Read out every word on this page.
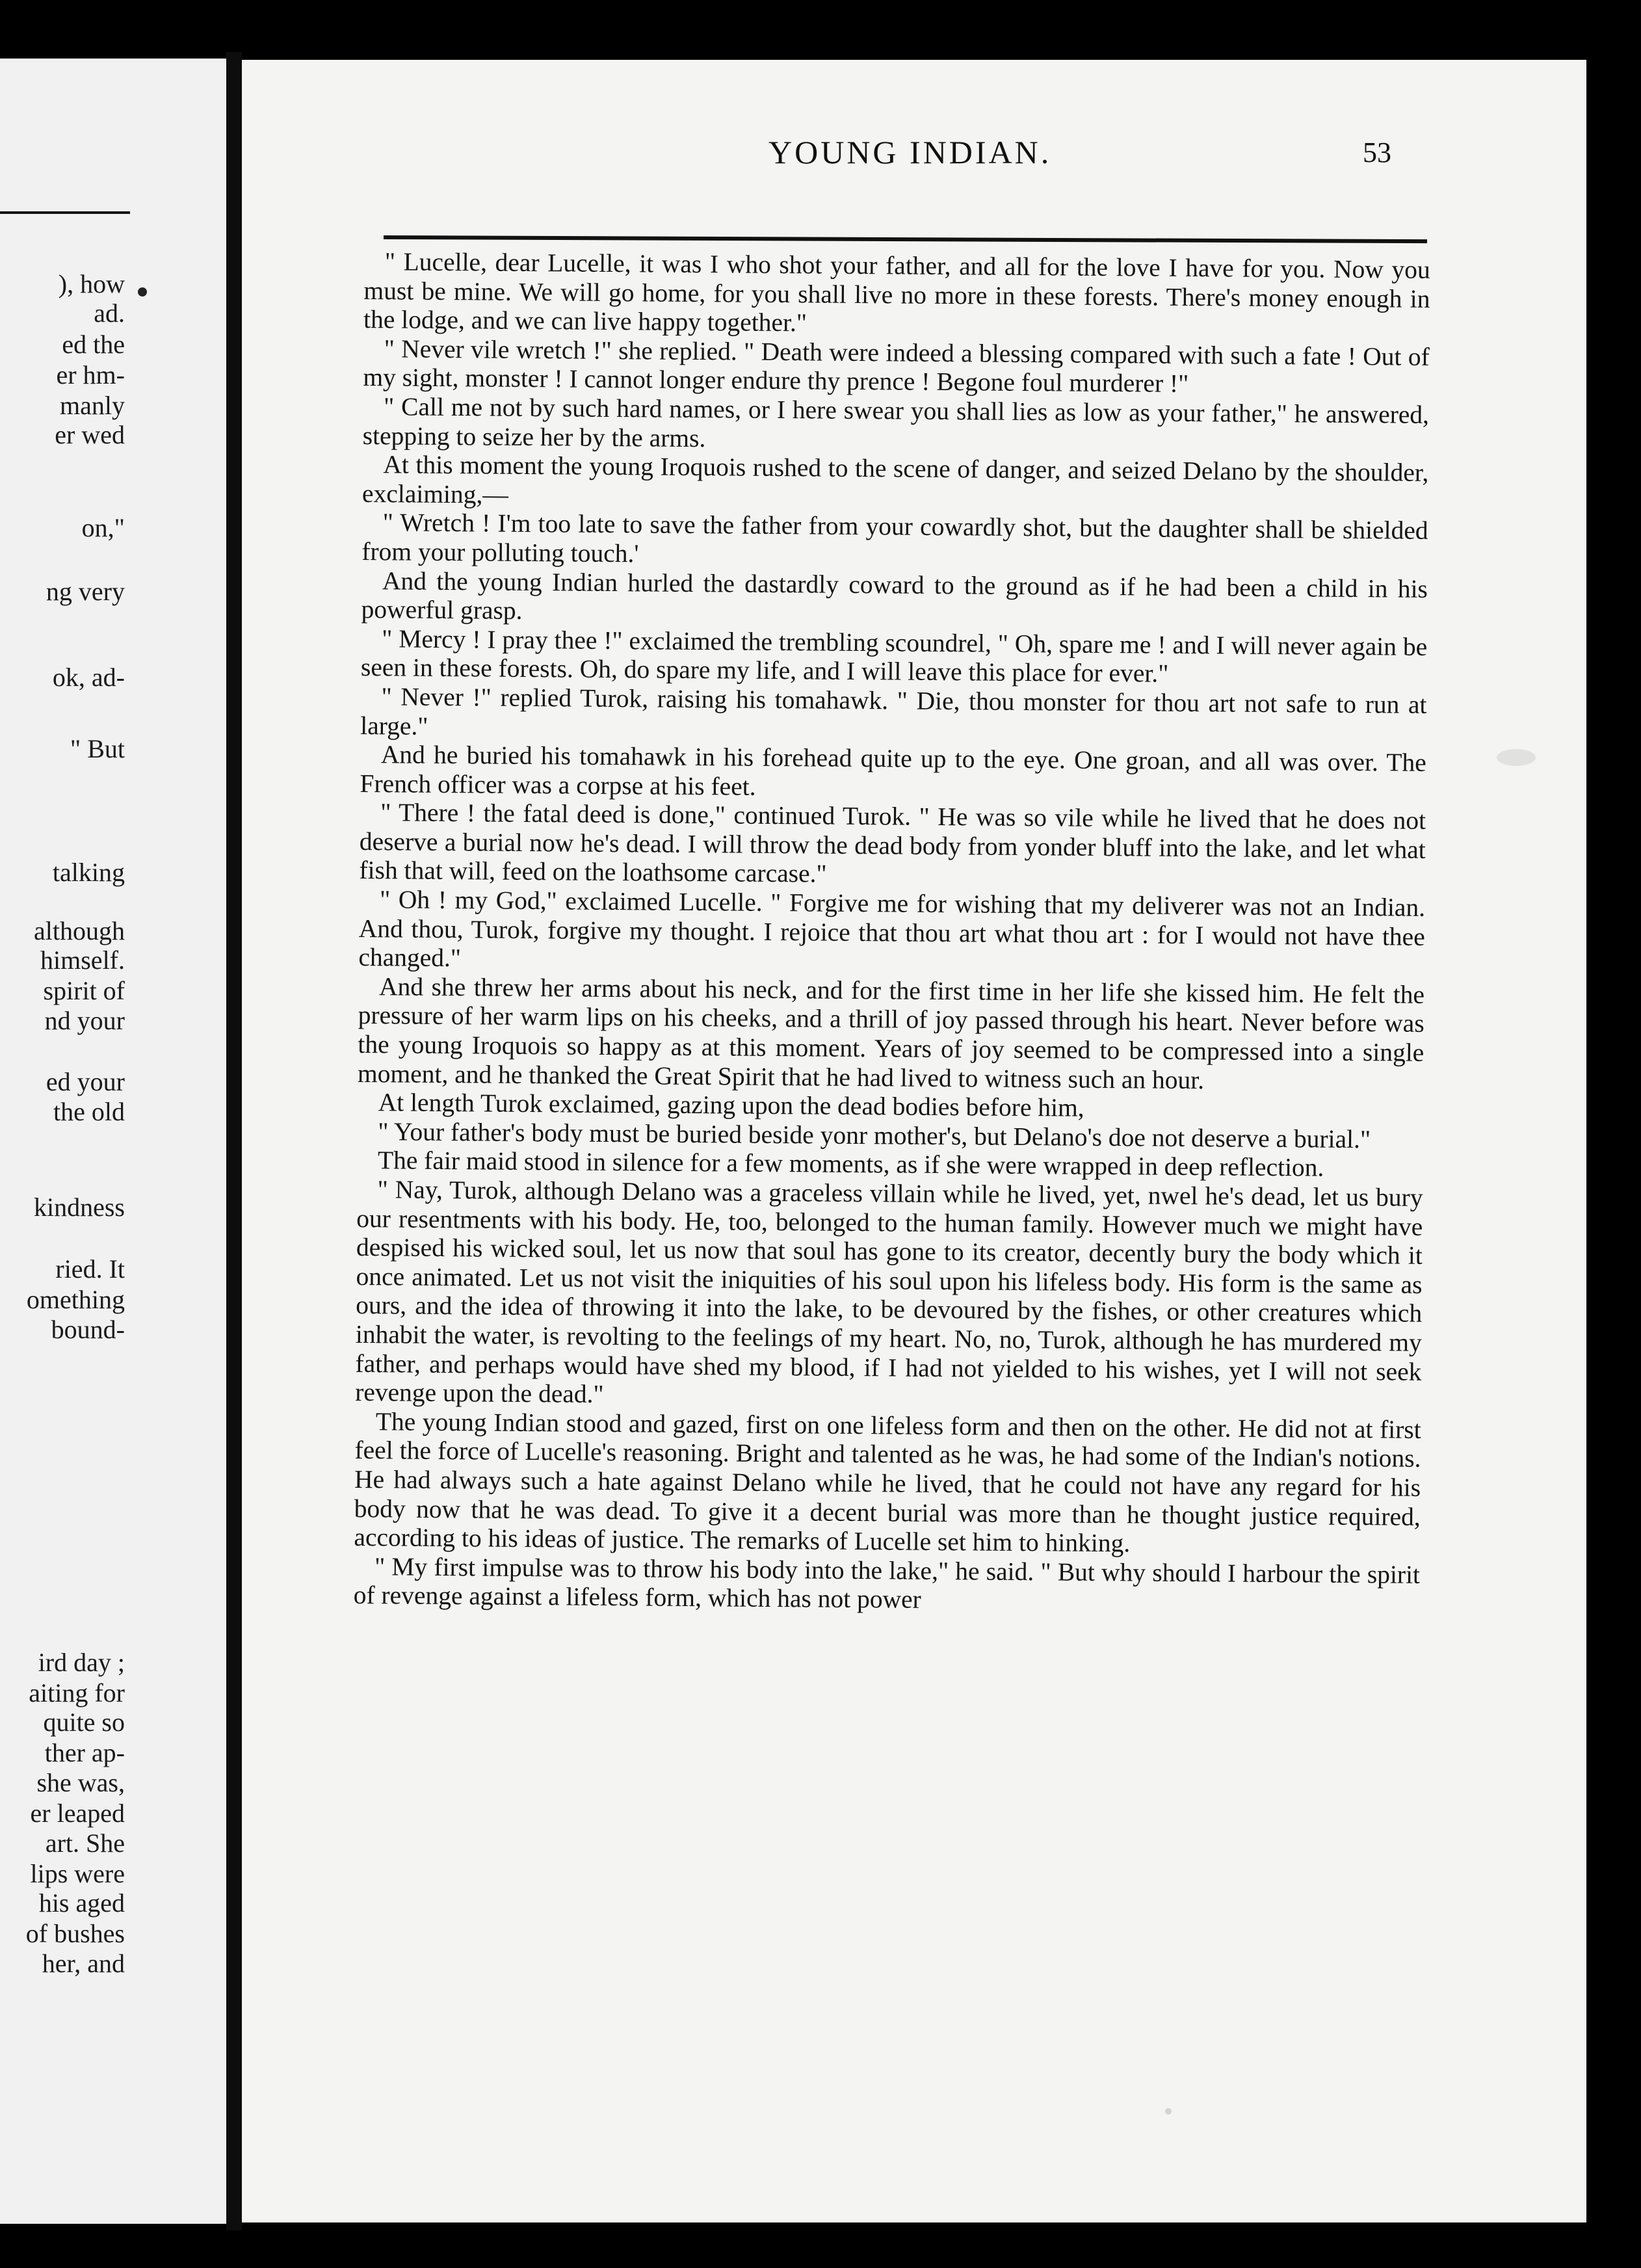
), how
ad.
ed the
er hm-
manly
er wed
on,"
ng very
ok, ad-
" But
talking
although
himself.
spirit of
nd your
ed your
the old
kindness
ried. It
omething
bound-
ird day ;
aiting for
quite so
ther ap-
she was,
er leaped
art. She
lips were
his aged
of bushes
her, and
YOUNG INDIAN.	53

" Lucelle, dear Lucelle, it was I who shot your father, and all for the love I have for you. Now you must be mine. We will go home, for you shall live no more in these forests. There's money enough in the lodge, and we can live happy together."

" Never vile wretch !" she replied. " Death were indeed a blessing compared with such a fate ! Out of my sight, monster ! I cannot longer endure thy prence ! Begone foul murderer !"

" Call me not by such hard names, or I here swear you shall lies as low as your father," he answered, stepping to seize her by the arms.

At this moment the young Iroquois rushed to the scene of danger, and seized Delano by the shoulder, exclaiming,—

" Wretch ! I'm too late to save the father from your cowardly shot, but the daughter shall be shielded from your polluting touch.'

And the young Indian hurled the dastardly coward to the ground as if he had been a child in his powerful grasp.

" Mercy ! I pray thee !" exclaimed the trembling scoundrel, " Oh, spare me ! and I will never again be seen in these forests. Oh, do spare my life, and I will leave this place for ever."

" Never !" replied Turok, raising his tomahawk. " Die, thou monster for thou art not safe to run at large."

And he buried his tomahawk in his forehead quite up to the eye. One groan, and all was over. The French officer was a corpse at his feet.

" There ! the fatal deed is done," continued Turok. " He was so vile while he lived that he does not deserve a burial now he's dead. I will throw the dead body from yonder bluff into the lake, and let what fish that will, feed on the loathsome carcase."

" Oh ! my God," exclaimed Lucelle. " Forgive me for wishing that my deliverer was not an Indian. And thou, Turok, forgive my thought. I rejoice that thou art what thou art : for I would not have thee changed."

And she threw her arms about his neck, and for the first time in her life she kissed him. He felt the pressure of her warm lips on his cheeks, and a thrill of joy passed through his heart. Never before was the young Iroquois so happy as at this moment. Years of joy seemed to be compressed into a single moment, and he thanked the Great Spirit that he had lived to witness such an hour.

At length Turok exclaimed, gazing upon the dead bodies before him,

" Your father's body must be buried beside yonr mother's, but Delano's doe not deserve a burial."

The fair maid stood in silence for a few moments, as if she were wrapped in deep reflection.

" Nay, Turok, although Delano was a graceless villain while he lived, yet, nwel he's dead, let us bury our resentments with his body. He, too, belonged to the human family. However much we might have despised his wicked soul, let us now that soul has gone to its creator, decently bury the body which it once animated. Let us not visit the iniquities of his soul upon his lifeless body. His form is the same as ours, and the idea of throwing it into the lake, to be devoured by the fishes, or other creatures which inhabit the water, is revolting to the feelings of my heart. No, no, Turok, although he has murdered my father, and perhaps would have shed my blood, if I had not yielded to his wishes, yet I will not seek revenge upon the dead."

The young Indian stood and gazed, first on one lifeless form and then on the other. He did not at first feel the force of Lucelle's reasoning. Bright and talented as he was, he had some of the Indian's notions. He had always such a hate against Delano while he lived, that he could not have any regard for his body now that he was dead. To give it a decent burial was more than he thought justice required, according to his ideas of justice. The remarks of Lucelle set him to hinking.

" My first impulse was to throw his body into the lake," he said. " But why should I harbour the spirit of revenge against a lifeless form, which has not power
